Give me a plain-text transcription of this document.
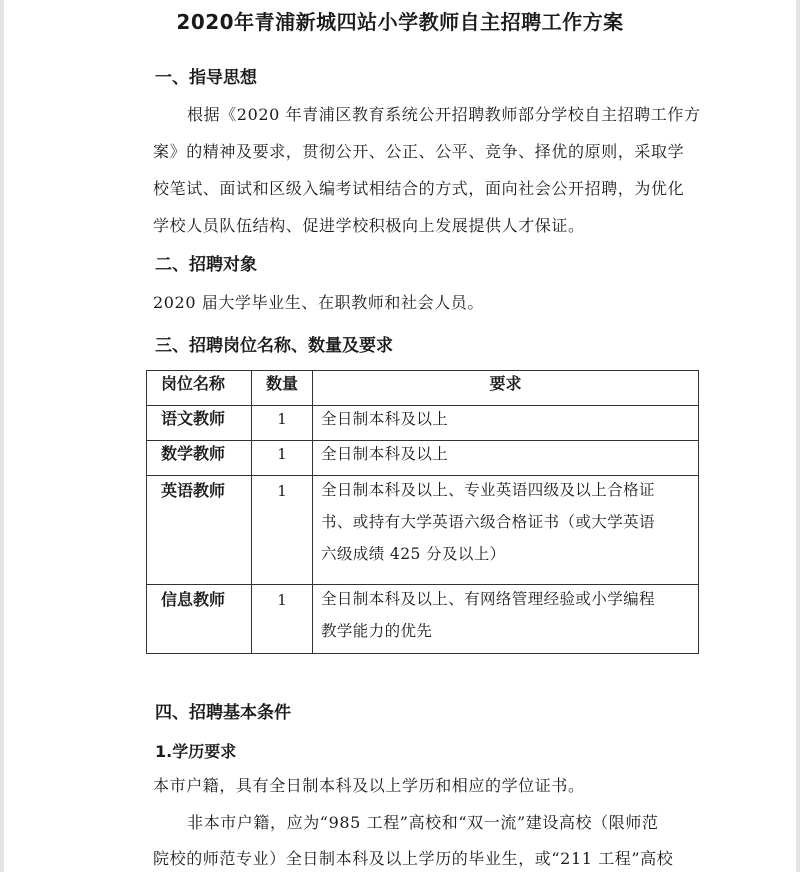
2020年青浦新城四站小学教师自主招聘工作方案
一、指导思想
根据《2020 年青浦区教育系统公开招聘教师部分学校自主招聘工作方
案》的精神及要求，贯彻公开、公正、公平、竞争、择优的原则，采取学
校笔试、面试和区级入编考试相结合的方式，面向社会公开招聘，为优化
学校人员队伍结构、促进学校积极向上发展提供人才保证。
二、招聘对象
2020 届大学毕业生、在职教师和社会人员。
三、招聘岗位名称、数量及要求
岗位名称	数量	要求

语文教师	1	全日制本科及以上

数学教师	1	全日制本科及以上

英语教师	1	全日制本科及以上、专业英语四级及以上合格证
书、或持有大学英语六级合格证书（或大学英语
六级成绩 425 分及以上）

信息教师	1	全日制本科及以上、有网络管理经验或小学编程
教学能力的优先
四、招聘基本条件
1.学历要求
本市户籍，具有全日制本科及以上学历和相应的学位证书。
非本市户籍，应为“985 工程”高校和“双一流”建设高校（限师范
院校的师范专业）全日制本科及以上学历的毕业生，或“211 工程”高校
